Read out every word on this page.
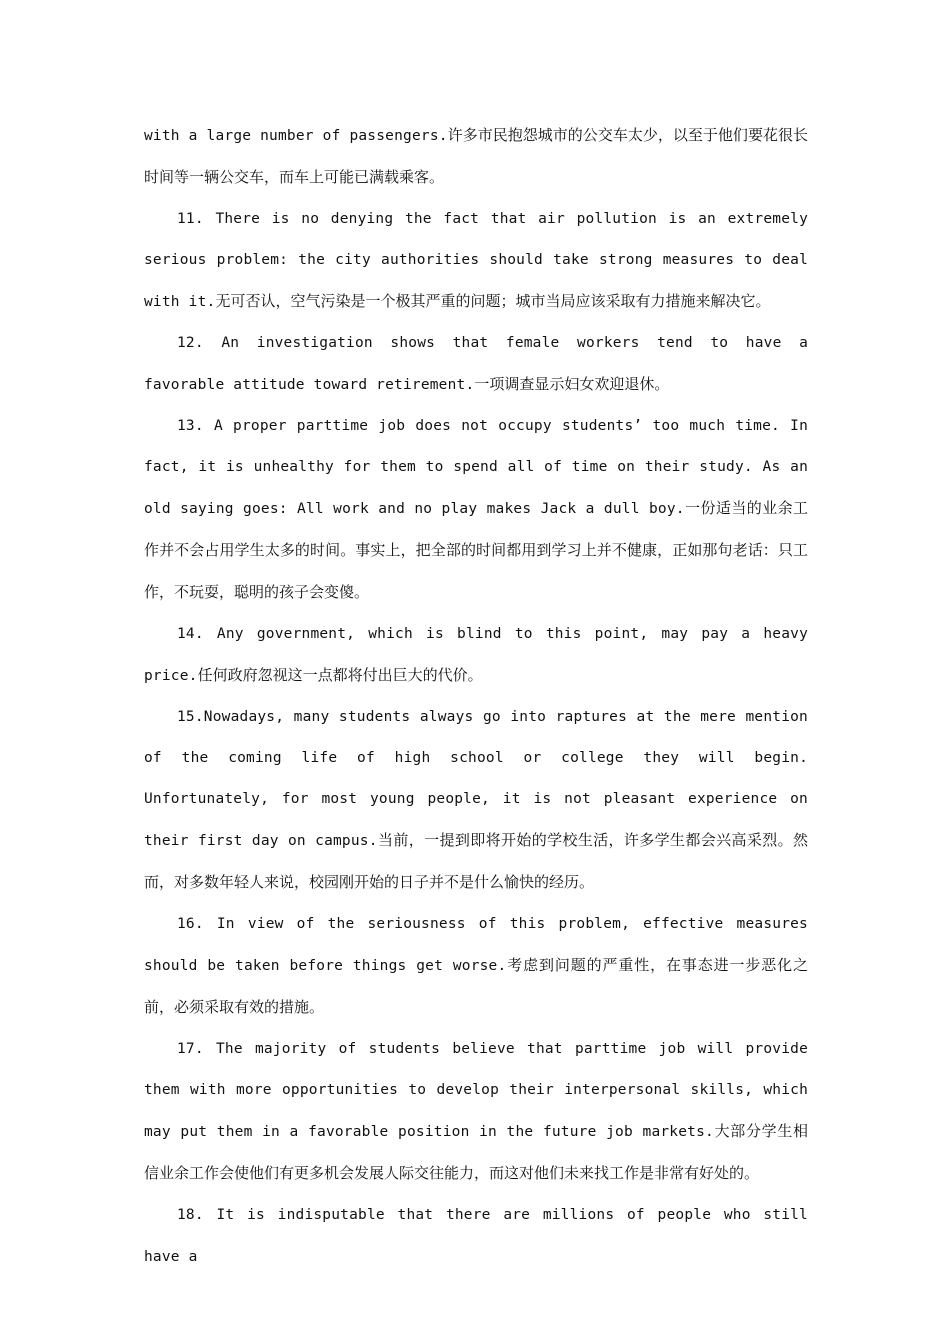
with a large number of passengers.许多市民抱怨城市的公交车太少，以至于他们要花很长时间等一辆公交车，而车上可能已满载乘客。

11. There is no denying the fact that air pollution is an extremely serious problem: the city authorities should take strong measures to deal with it.无可否认，空气污染是一个极其严重的问题；城市当局应该采取有力措施来解决它。

12. An investigation shows that female workers tend to have a favorable attitude toward retirement.一项调查显示妇女欢迎退休。

13. A proper parttime job does not occupy students’ too much time. In fact, it is unhealthy for them to spend all of time on their study. As an old saying goes: All work and no play makes Jack a dull boy.一份适当的业余工作并不会占用学生太多的时间。事实上，把全部的时间都用到学习上并不健康，正如那句老话：只工作，不玩耍，聪明的孩子会变傻。

14. Any government, which is blind to this point, may pay a heavy price.任何政府忽视这一点都将付出巨大的代价。

15.Nowadays, many students always go into raptures at the mere mention of the coming life of high school or college they will begin. Unfortunately, for most young people, it is not pleasant experience on their first day on campus.当前，一提到即将开始的学校生活，许多学生都会兴高采烈。然而，对多数年轻人来说，校园刚开始的日子并不是什么愉快的经历。

16. In view of the seriousness of this problem, effective measures should be taken before things get worse.考虑到问题的严重性，在事态进一步恶化之前，必须采取有效的措施。

17. The majority of students believe that parttime job will provide them with more opportunities to develop their interpersonal skills, which may put them in a favorable position in the future job markets.大部分学生相信业余工作会使他们有更多机会发展人际交往能力，而这对他们未来找工作是非常有好处的。

18. It is indisputable that there are millions of people who still have a
